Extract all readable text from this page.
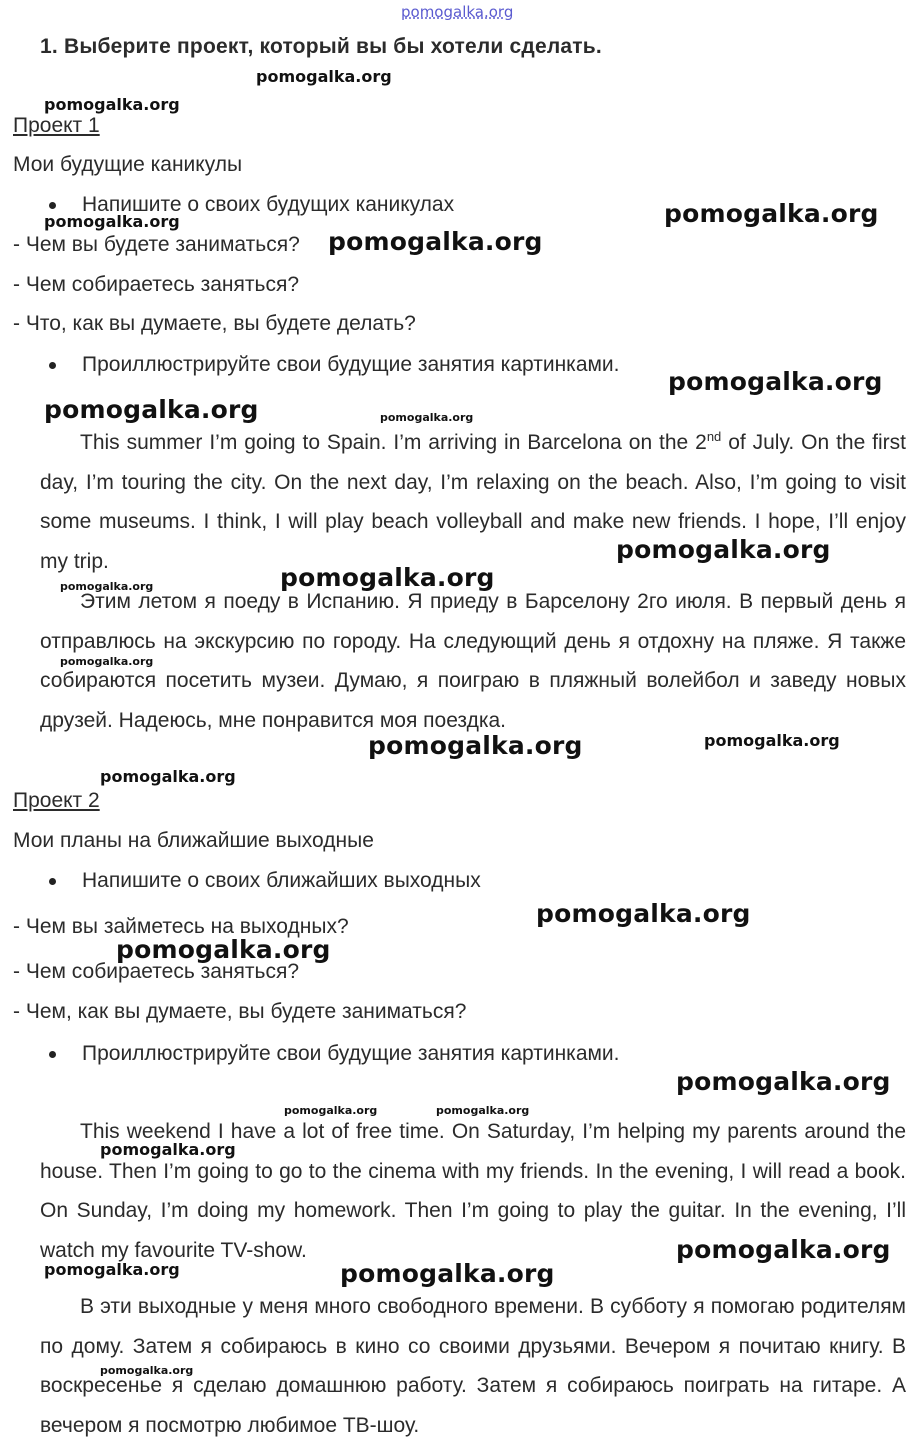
pomogalka.org
1. Выберите проект, который вы бы хотели сделать.
Проект 1
Мои будущие каникулы
Напишите о своих будущих каникулах
- Чем вы будете заниматься?
- Чем собираетесь заняться?
- Что, как вы думаете, вы будете делать?
Проиллюстрируйте свои будущие занятия картинками.
This summer I’m going to Spain. I’m arriving in Barcelona on the 2nd of July. On the first day, I’m touring the city. On the next day, I’m relaxing on the beach. Also, I’m going to visit some museums. I think, I will play beach volleyball and make new friends. I hope, I’ll enjoy my trip.
Этим летом я поеду в Испанию. Я приеду в Барселону 2го июля. В первый день я отправлюсь на экскурсию по городу. На следующий день я отдохну на пляже. Я также собираются посетить музеи. Думаю, я поиграю в пляжный волейбол и заведу новых друзей. Надеюсь, мне понравится моя поездка.
Проект 2
Мои планы на ближайшие выходные
Напишите о своих ближайших выходных
- Чем вы займетесь на выходных?
- Чем собираетесь заняться?
- Чем, как вы думаете, вы будете заниматься?
Проиллюстрируйте свои будущие занятия картинками.
This weekend I have a lot of free time. On Saturday, I’m helping my parents around the house. Then I’m going to go to the cinema with my friends. In the evening, I will read a book. On Sunday, I’m doing my homework. Then I’m going to play the guitar. In the evening, I’ll watch my favourite TV-show.
В эти выходные у меня много свободного времени. В субботу я помогаю родителям по дому. Затем я собираюсь в кино со своими друзьями. Вечером я почитаю книгу. В воскресенье я сделаю домашнюю работу. Затем я собираюсь поиграть на гитаре. А вечером я посмотрю любимое ТВ-шоу.
pomogalka.org
pomogalka.org
pomogalka.org	pomogalka.org
pomogalka.org
pomogalka.org
pomogalka.org	pomogalka.org
pomogalka.org
pomogalka.org
pomogalka.org
pomogalka.org
pomogalka.org	pomogalka.org
pomogalka.org
pomogalka.org
pomogalka.org
pomogalka.org
pomogalka.org	pomogalka.org
pomogalka.org
pomogalka.org
pomogalka.org	pomogalka.org
pomogalka.org
